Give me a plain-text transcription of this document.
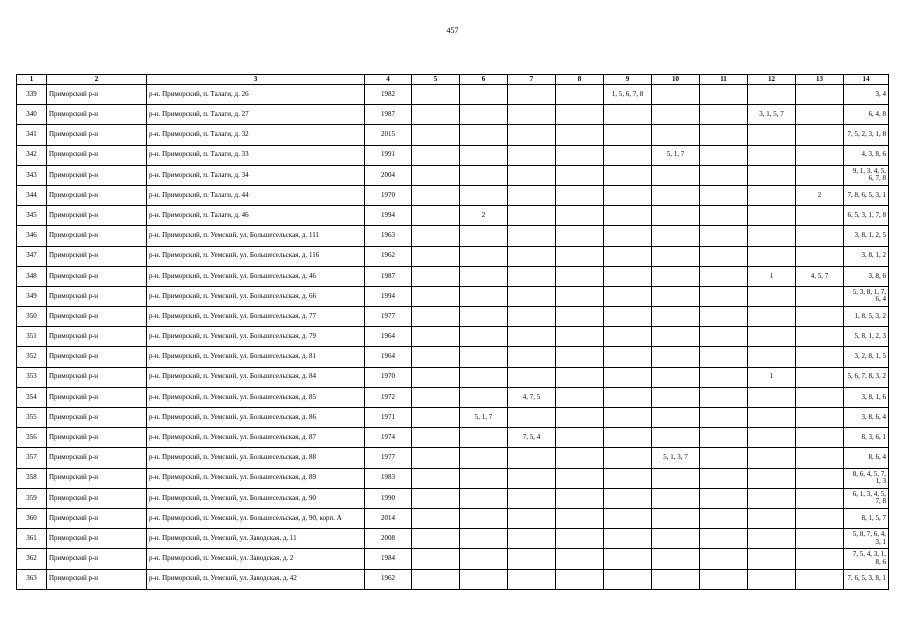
457
1	2	3	4	5	6	7	8	9	10	11	12	13	14
339	Приморский р-н	р-н. Приморский, п. Талаги, д. 26	1982					1, 5, 6, 7, 8					3, 4
340	Приморский р-н	р-н. Приморский, п. Талаги, д. 27	1987								3, 1, 5, 7		6, 4, 8
341	Приморский р-н	р-н. Приморский, п. Талаги, д. 32	2015										7, 5, 2, 3, 1, 8
342	Приморский р-н	р-н. Приморский, п. Талаги, д. 33	1991						5, 1, 7				4, 3, 8, 6
343	Приморский р-н	р-н. Приморский, п. Талаги, д. 34	2004										9, 1, 3, 4, 5, 6, 7, 8
344	Приморский р-н	р-н. Приморский, п. Талаги, д. 44	1970									2	7, 8, 6, 5, 3, 1
345	Приморский р-н	р-н. Приморский, п. Талаги, д. 46	1994		2								6, 5, 3, 1, 7, 8
346	Приморский р-н	р-н. Приморский, п. Уемский, ул. Большесельская, д. 111	1963										3, 8, 1, 2, 5
347	Приморский р-н	р-н. Приморский, п. Уемский, ул. Большесельская, д. 116	1962										3, 8, 1, 2
348	Приморский р-н	р-н. Приморский, п. Уемский, ул. Большесельская, д. 46	1987								1	4, 5, 7	3, 8, 6
349	Приморский р-н	р-н. Приморский, п. Уемский, ул. Большесельская, д. 66	1994										5, 3, 8, 1, 7, 6, 4
350	Приморский р-н	р-н. Приморский, п. Уемский, ул. Большесельская, д. 77	1977										1, 8, 5, 3, 2
351	Приморский р-н	р-н. Приморский, п. Уемский, ул. Большесельская, д. 79	1964										5, 8, 1, 2, 3
352	Приморский р-н	р-н. Приморский, п. Уемский, ул. Большесельская, д. 81	1964										3, 2, 8, 1, 5
353	Приморский р-н	р-н. Приморский, п. Уемский, ул. Большесельская, д. 84	1970								1		5, 6, 7, 8, 3, 2
354	Приморский р-н	р-н. Приморский, п. Уемский, ул. Большесельская, д. 85	1972			4, 7, 5							3, 8, 1, 6
355	Приморский р-н	р-н. Приморский, п. Уемский, ул. Большесельская, д. 86	1971		5, 1, 7								3, 8, 6, 4
356	Приморский р-н	р-н. Приморский, п. Уемский, ул. Большесельская, д. 87	1974			7, 5, 4							8, 3, 6, 1
357	Приморский р-н	р-н. Приморский, п. Уемский, ул. Большесельская, д. 88	1977						5, 1, 3, 7				8, 6, 4
358	Приморский р-н	р-н. Приморский, п. Уемский, ул. Большесельская, д. 89	1983										8, 6, 4, 5, 7, 1, 3
359	Приморский р-н	р-н. Приморский, п. Уемский, ул. Большесельская, д. 90	1990										6, 1, 3, 4, 5, 7, 8
360	Приморский р-н	р-н. Приморский, п. Уемский, ул. Большесельская, д. 90, корп. А	2014										8, 1, 5, 7
361	Приморский р-н	р-н. Приморский, п. Уемский, ул. Заводская, д. 11	2008										5, 8, 7, 6, 4, 3, 1
362	Приморский р-н	р-н. Приморский, п. Уемский, ул. Заводская, д. 2	1984										7, 5, 4, 3, 1, 8, 6
363	Приморский р-н	р-н. Приморский, п. Уемский, ул. Заводская, д. 42	1962										7, 6, 5, 3, 8, 1
